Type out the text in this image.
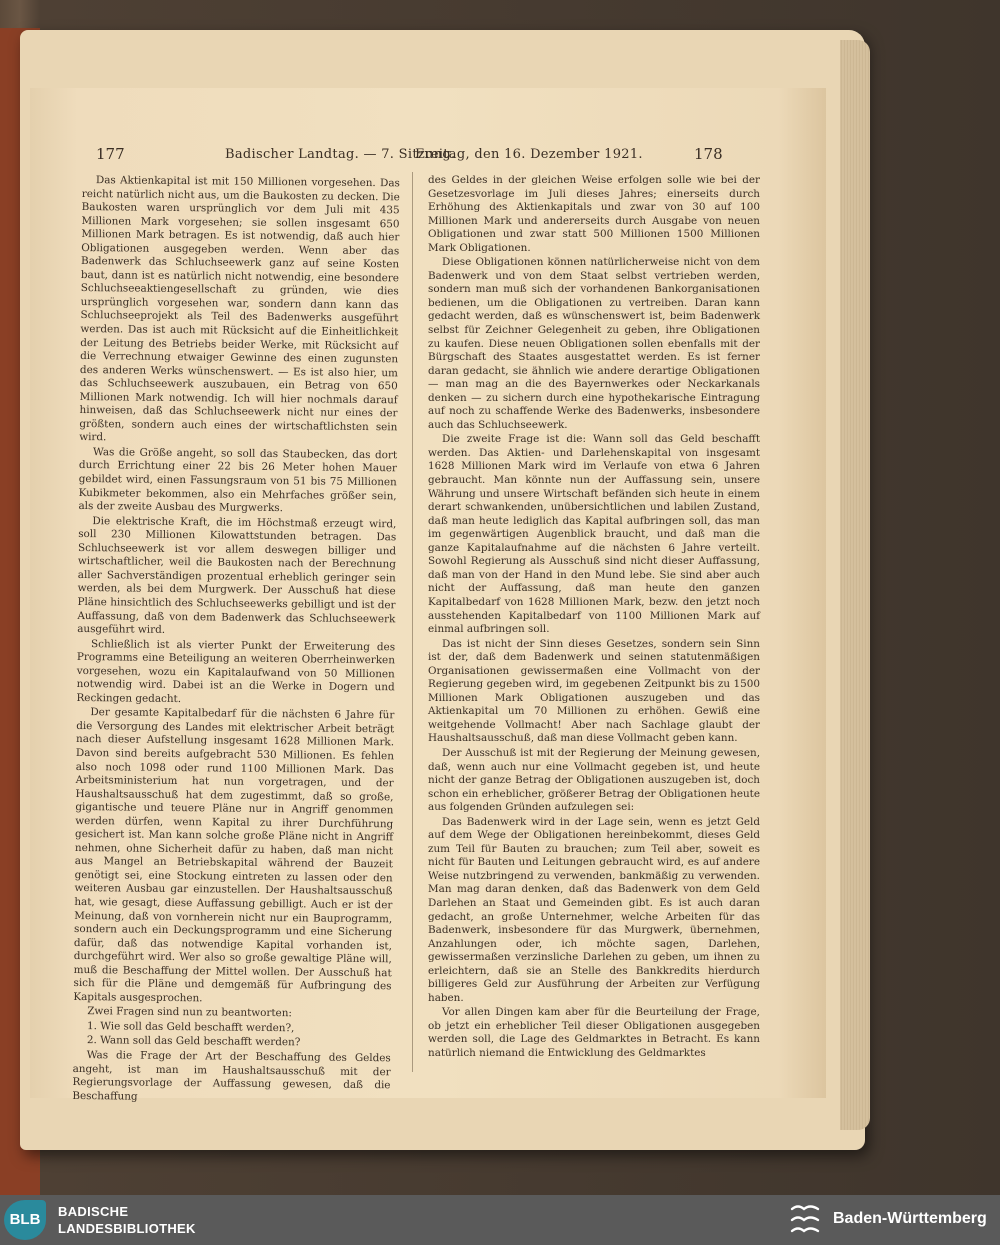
177	Badischer Landtag. — 7. Sitzung.
Freitag, den 16. Dezember 1921.	178

Das Aktienkapital ist mit 150 Millionen vorgesehen. Das reicht natürlich nicht aus, um die Baukosten zu decken. Die Baukosten waren ursprünglich vor dem Juli mit 435 Millionen Mark vorgesehen; sie sollen insgesamt 650 Millionen Mark betragen. Es ist notwendig, daß auch hier Obligationen ausgegeben werden. Wenn aber das Badenwerk das Schluchseewerk ganz auf seine Kosten baut, dann ist es natürlich nicht notwendig, eine besondere Schluchseeaktiengesellschaft zu gründen, wie dies ursprünglich vorgesehen war, sondern dann kann das Schluchseeprojekt als Teil des Badenwerks ausgeführt werden. Das ist auch mit Rücksicht auf die Einheitlichkeit der Leitung des Betriebs beider Werke, mit Rücksicht auf die Verrechnung etwaiger Gewinne des einen zugunsten des anderen Werks wünschenswert. — Es ist also hier, um das Schluchseewerk auszubauen, ein Betrag von 650 Millionen Mark notwendig. Ich will hier nochmals darauf hinweisen, daß das Schluchseewerk nicht nur eines der größten, sondern auch eines der wirtschaftlichsten sein wird.

Was die Größe angeht, so soll das Staubecken, das dort durch Errichtung einer 22 bis 26 Meter hohen Mauer gebildet wird, einen Fassungsraum von 51 bis 75 Millionen Kubikmeter bekommen, also ein Mehrfaches größer sein, als der zweite Ausbau des Murgwerks.

Die elektrische Kraft, die im Höchstmaß erzeugt wird, soll 230 Millionen Kilowattstunden betragen. Das Schluchseewerk ist vor allem deswegen billiger und wirtschaftlicher, weil die Baukosten nach der Berechnung aller Sachverständigen prozentual erheblich geringer sein werden, als bei dem Murgwerk. Der Ausschuß hat diese Pläne hinsichtlich des Schluchseewerks gebilligt und ist der Auffassung, daß von dem Badenwerk das Schluchseewerk ausgeführt wird.

Schließlich ist als vierter Punkt der Erweiterung des Programms eine Beteiligung an weiteren Oberrheinwerken vorgesehen, wozu ein Kapitalaufwand von 50 Millionen notwendig wird. Dabei ist an die Werke in Dogern und Reckingen gedacht.

Der gesamte Kapitalbedarf für die nächsten 6 Jahre für die Versorgung des Landes mit elektrischer Arbeit beträgt nach dieser Aufstellung insgesamt 1628 Millionen Mark. Davon sind bereits aufgebracht 530 Millionen. Es fehlen also noch 1098 oder rund 1100 Millionen Mark. Das Arbeitsministerium hat nun vorgetragen, und der Haushaltsausschuß hat dem zugestimmt, daß so große, gigantische und teuere Pläne nur in Angriff genommen werden dürfen, wenn Kapital zu ihrer Durchführung gesichert ist. Man kann solche große Pläne nicht in Angriff nehmen, ohne Sicherheit dafür zu haben, daß man nicht aus Mangel an Betriebskapital während der Bauzeit genötigt sei, eine Stockung eintreten zu lassen oder den weiteren Ausbau gar einzustellen. Der Haushaltsausschuß hat, wie gesagt, diese Auffassung gebilligt. Auch er ist der Meinung, daß von vornherein nicht nur ein Bauprogramm, sondern auch ein Deckungsprogramm und eine Sicherung dafür, daß das notwendige Kapital vorhanden ist, durchgeführt wird. Wer also so große gewaltige Pläne will, muß die Beschaffung der Mittel wollen. Der Ausschuß hat sich für die Pläne und demgemäß für Aufbringung des Kapitals ausgesprochen.

Zwei Fragen sind nun zu beantworten:

1. Wie soll das Geld beschafft werden?,

2. Wann soll das Geld beschafft werden?

Was die Frage der Art der Beschaffung des Geldes angeht, ist man im Haushaltsausschuß mit der Regierungsvorlage der Auffassung gewesen, daß die Beschaffung

des Geldes in der gleichen Weise erfolgen solle wie bei der Gesetzesvorlage im Juli dieses Jahres; einerseits durch Erhöhung des Aktienkapitals und zwar von 30 auf 100 Millionen Mark und andererseits durch Ausgabe von neuen Obligationen und zwar statt 500 Millionen 1500 Millionen Mark Obligationen.

Diese Obligationen können natürlicherweise nicht von dem Badenwerk und von dem Staat selbst vertrieben werden, sondern man muß sich der vorhandenen Bankorganisationen bedienen, um die Obligationen zu vertreiben. Daran kann gedacht werden, daß es wünschenswert ist, beim Badenwerk selbst für Zeichner Gelegenheit zu geben, ihre Obligationen zu kaufen. Diese neuen Obligationen sollen ebenfalls mit der Bürgschaft des Staates ausgestattet werden. Es ist ferner daran gedacht, sie ähnlich wie andere derartige Obligationen — man mag an die des Bayernwerkes oder Neckarkanals denken — zu sichern durch eine hypothekarische Eintragung auf noch zu schaffende Werke des Badenwerks, insbesondere auch das Schluchseewerk.

Die zweite Frage ist die: Wann soll das Geld beschafft werden. Das Aktien- und Darlehenskapital von insgesamt 1628 Millionen Mark wird im Verlaufe von etwa 6 Jahren gebraucht. Man könnte nun der Auffassung sein, unsere Währung und unsere Wirtschaft befänden sich heute in einem derart schwankenden, unübersichtlichen und labilen Zustand, daß man heute lediglich das Kapital aufbringen soll, das man im gegenwärtigen Augenblick braucht, und daß man die ganze Kapitalaufnahme auf die nächsten 6 Jahre verteilt. Sowohl Regierung als Ausschuß sind nicht dieser Auffassung, daß man von der Hand in den Mund lebe. Sie sind aber auch nicht der Auffassung, daß man heute den ganzen Kapitalbedarf von 1628 Millionen Mark, bezw. den jetzt noch ausstehenden Kapitalbedarf von 1100 Millionen Mark auf einmal aufbringen soll.

Das ist nicht der Sinn dieses Gesetzes, sondern sein Sinn ist der, daß dem Badenwerk und seinen statutenmäßigen Organisationen gewissermaßen eine Vollmacht von der Regierung gegeben wird, im gegebenen Zeitpunkt bis zu 1500 Millionen Mark Obligationen auszugeben und das Aktienkapital um 70 Millionen zu erhöhen. Gewiß eine weitgehende Vollmacht! Aber nach Sachlage glaubt der Haushaltsausschuß, daß man diese Vollmacht geben kann.

Der Ausschuß ist mit der Regierung der Meinung gewesen, daß, wenn auch nur eine Vollmacht gegeben ist, und heute nicht der ganze Betrag der Obligationen auszugeben ist, doch schon ein erheblicher, größerer Betrag der Obligationen heute aus folgenden Gründen aufzulegen sei:

Das Badenwerk wird in der Lage sein, wenn es jetzt Geld auf dem Wege der Obligationen hereinbekommt, dieses Geld zum Teil für Bauten zu brauchen; zum Teil aber, soweit es nicht für Bauten und Leitungen gebraucht wird, es auf andere Weise nutzbringend zu verwenden, bankmäßig zu verwenden. Man mag daran denken, daß das Badenwerk von dem Geld Darlehen an Staat und Gemeinden gibt. Es ist auch daran gedacht, an große Unternehmer, welche Arbeiten für das Badenwerk, insbesondere für das Murgwerk, übernehmen, Anzahlungen oder, ich möchte sagen, Darlehen, gewissermaßen verzinsliche Darlehen zu geben, um ihnen zu erleichtern, daß sie an Stelle des Bankkredits hierdurch billigeres Geld zur Ausführung der Arbeiten zur Verfügung haben.

Vor allen Dingen kam aber für die Beurteilung der Frage, ob jetzt ein erheblicher Teil dieser Obligationen ausgegeben werden soll, die Lage des Geldmarktes in Betracht. Es kann natürlich niemand die Entwicklung des Geldmarktes

BLB	BADISCHE
LANDESBIBLIOTHEK
Baden-Württemberg
